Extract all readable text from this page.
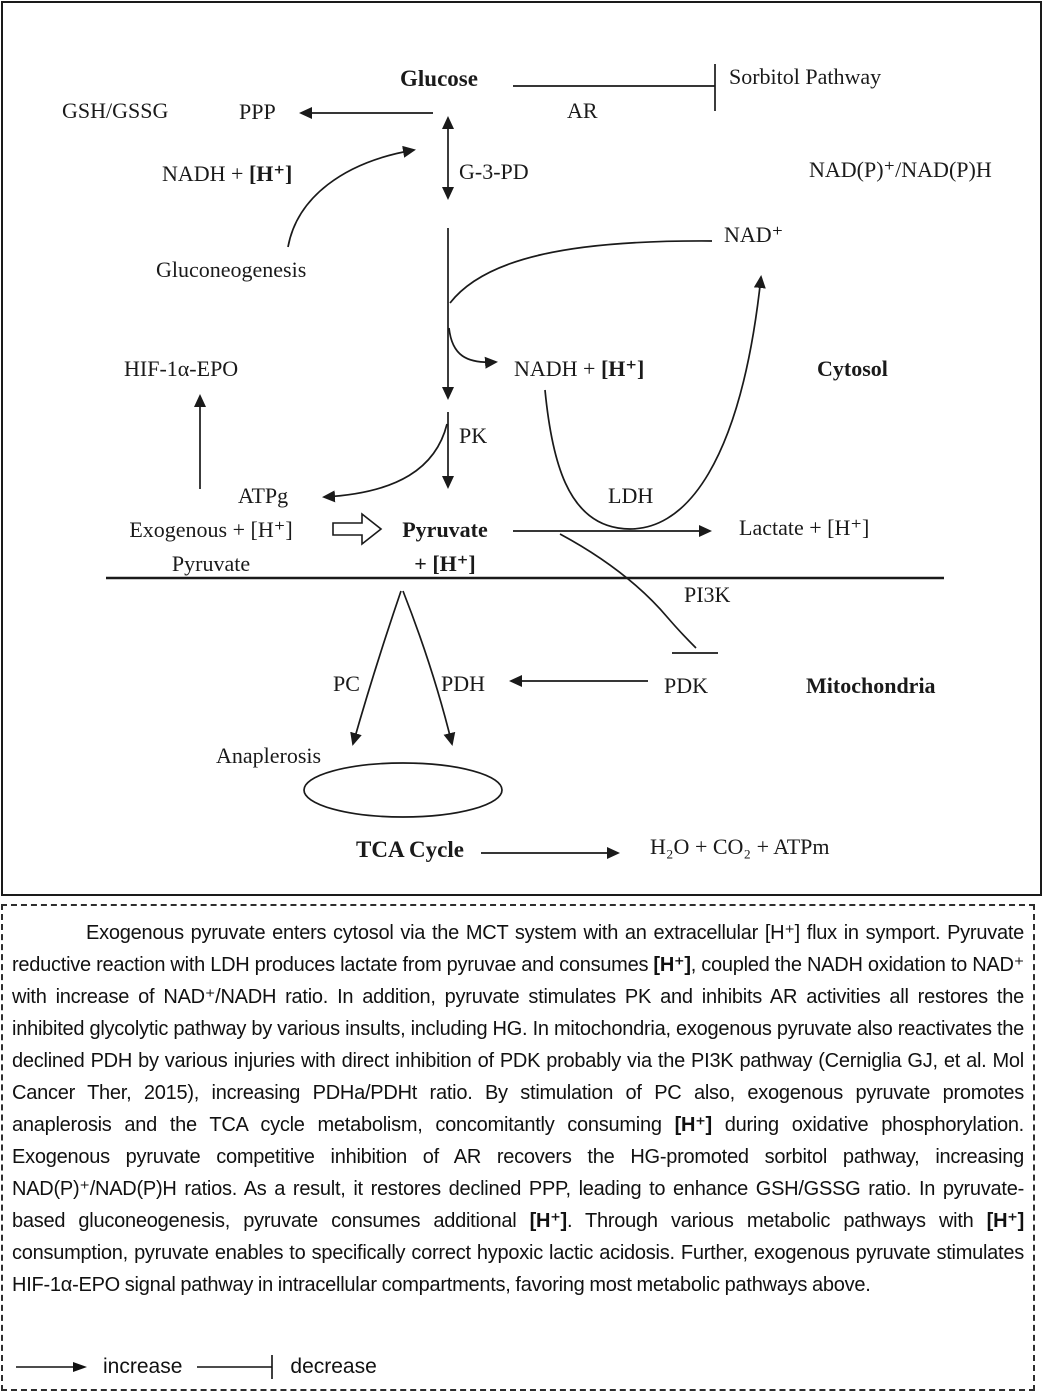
Glucose	Sorbitol Pathway
GSH/GSSG	PPP	AR
NADH + [H⁺]	G-3-PD	NAD(P)⁺/NAD(P)H
Gluconeogenesis
NAD⁺
HIF-1α-EPO	NADH + [H⁺]	Cytosol
PK
ATPg	LDH
Exogenous + [H⁺]
Pyruvate
Pyruvate
+ [H⁺]
Lactate + [H⁺]
PI3K
PC	PDH	PDK	Mitochondria
Anaplerosis
TCA Cycle	H₂O + CO₂ + ATPm
Exogenous pyruvate enters cytosol via the MCT system with an extracellular [H⁺] flux in symport. Pyruvate reductive reaction with LDH produces lactate from pyruvae and consumes [H⁺], coupled the NADH oxidation to NAD⁺ with increase of NAD⁺/NADH ratio. In addition, pyruvate stimulates PK and inhibits AR activities all restores the inhibited glycolytic pathway by various insults, including HG. In mitochondria, exogenous pyruvate also reactivates the declined PDH by various injuries with direct inhibition of PDK probably via the PI3K pathway (Cerniglia GJ, et al. Mol Cancer Ther, 2015), increasing PDHa/PDHt ratio. By stimulation of PC also, exogenous pyruvate promotes anaplerosis and the TCA cycle metabolism, concomitantly consuming [H⁺] during oxidative phosphorylation. Exogenous pyruvate competitive inhibition of AR recovers the HG-promoted sorbitol pathway, increasing NAD(P)⁺/NAD(P)H ratios. As a result, it restores declined PPP, leading to enhance GSH/GSSG ratio. In pyruvate-based gluconeogenesis, pyruvate consumes additional [H⁺]. Through various metabolic pathways with [H⁺] consumption, pyruvate enables to specifically correct hypoxic lactic acidosis. Further, exogenous pyruvate stimulates HIF-1α-EPO signal pathway in intracellular compartments, favoring most metabolic pathways above.
increase	decrease
